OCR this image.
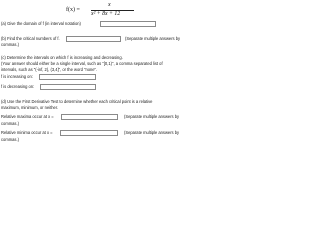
f(x) =
x
x² + 8x + 12
(a) Give the domain of f (in interval notation)
(b) Find the critical numbers of f.	(Separate multiple answers by
commas.)
(c) Determine the intervals on which f is increasing and decreasing.
(Your answer should either be a single interval, such as "[0,1)", a comma separated list of
intervals, such as "(-inf, 2), (3,4]", or the word "none".
f is increasing on:
f is decreasing on:
(d) Use the First Derivative Test to determine whether each critical point is a relative
maximum, minimum, or neither.
Relative maxima occur at x =	(Separate multiple answers by
commas.)
Relative minima occur at x =	(Separate multiple answers by
commas.)
